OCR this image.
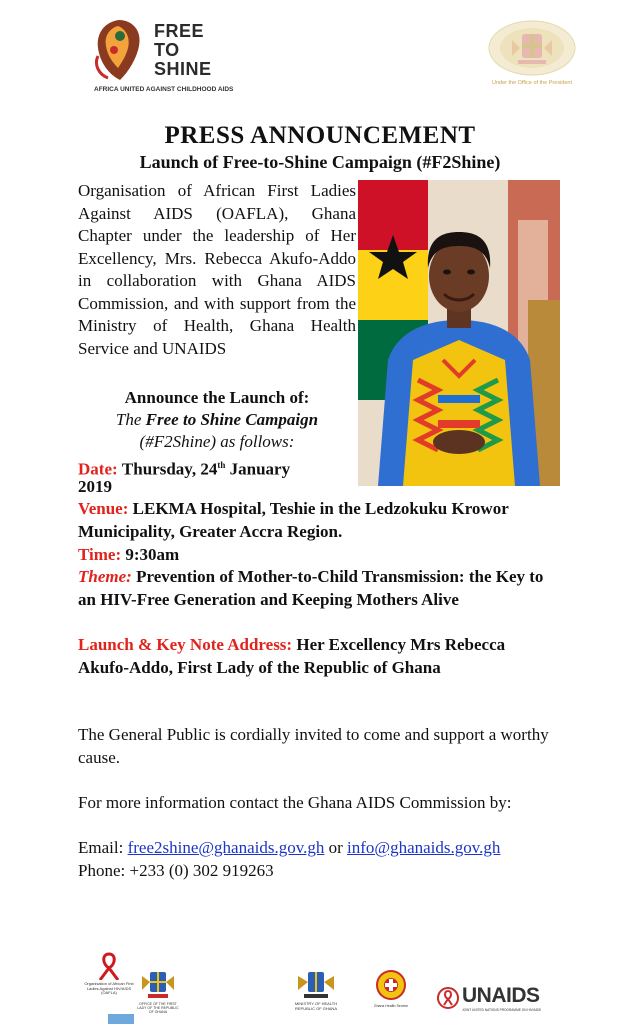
FREE
TO
SHINE
AFRICA UNITED AGAINST CHILDHOOD AIDS
Under the Office of the President
PRESS ANNOUNCEMENT
Launch of Free-to-Shine Campaign (#F2Shine)
Organisation of African First Ladies Against AIDS (OAFLA), Ghana Chapter under the leadership of Her Excellency, Mrs. Rebecca Akufo-Addo in collaboration with Ghana AIDS Commission, and with support from the Ministry of Health, Ghana Health Service and UNAIDS
Announce the Launch of:
The Free to Shine Campaign
(#F2Shine) as follows:
Date: Thursday, 24th January
2019
Venue: LEKMA Hospital, Teshie in the Ledzokuku Krowor Municipality, Greater Accra Region.
Time: 9:30am
Theme: Prevention of Mother-to-Child Transmission: the Key to an HIV-Free Generation and Keeping Mothers Alive
Launch & Key Note Address: Her Excellency Mrs Rebecca Akufo-Addo, First Lady of the Republic of Ghana
The General Public is cordially invited to come and support a worthy cause.
For more information contact the Ghana AIDS Commission by:
Email: free2shine@ghanaids.gov.gh or info@ghanaids.gov.gh
Phone: +233 (0) 302 919263
Organisation of African First Ladies Against HIV/AIDS (OAFLA)
OFFICE OF THE FIRST LADY OF THE REPUBLIC OF GHANA
MINISTRY OF HEALTH REPUBLIC OF GHANA	Ghana Health Service	UNAIDS
JOINT UNITED NATIONS PROGRAMME ON HIV/AIDS
